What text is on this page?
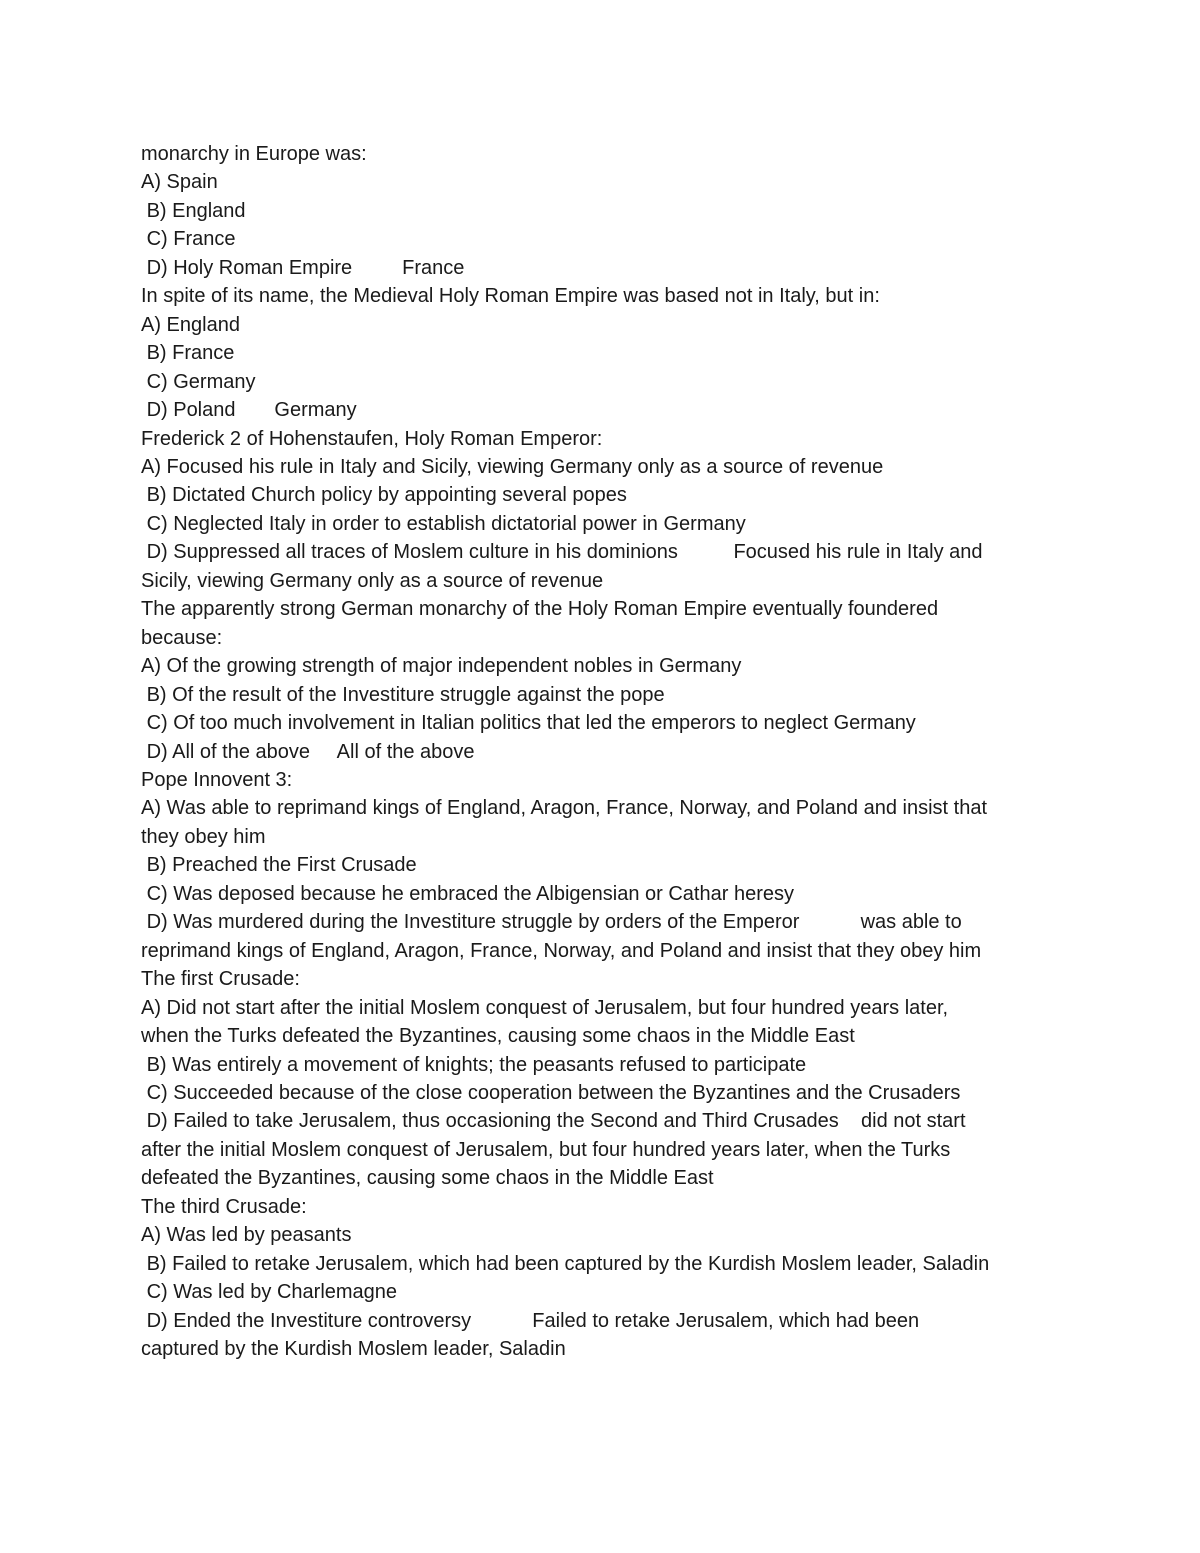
monarchy in Europe was:
A) Spain
B) England
C) France
D) Holy Roman Empire         France
In spite of its name, the Medieval Holy Roman Empire was based not in Italy, but in:
A) England
B) France
C) Germany
D) Poland       Germany
Frederick 2 of Hohenstaufen, Holy Roman Emperor:
A) Focused his rule in Italy and Sicily, viewing Germany only as a source of revenue
B) Dictated Church policy by appointing several popes
C) Neglected Italy in order to establish dictatorial power in Germany
D) Suppressed all traces of Moslem culture in his dominions          Focused his rule in Italy and
Sicily, viewing Germany only as a source of revenue
The apparently strong German monarchy of the Holy Roman Empire eventually foundered
because:
A) Of the growing strength of major independent nobles in Germany
B) Of the result of the Investiture struggle against the pope
C) Of too much involvement in Italian politics that led the emperors to neglect Germany
D) All of the above     All of the above
Pope Innovent 3:
A) Was able to reprimand kings of England, Aragon, France, Norway, and Poland and insist that
they obey him
B) Preached the First Crusade
C) Was deposed because he embraced the Albigensian or Cathar heresy
D) Was murdered during the Investiture struggle by orders of the Emperor           was able to
reprimand kings of England, Aragon, France, Norway, and Poland and insist that they obey him
The first Crusade:
A) Did not start after the initial Moslem conquest of Jerusalem, but four hundred years later,
when the Turks defeated the Byzantines, causing some chaos in the Middle East
B) Was entirely a movement of knights; the peasants refused to participate
C) Succeeded because of the close cooperation between the Byzantines and the Crusaders
D) Failed to take Jerusalem, thus occasioning the Second and Third Crusades    did not start
after the initial Moslem conquest of Jerusalem, but four hundred years later, when the Turks
defeated the Byzantines, causing some chaos in the Middle East
The third Crusade:
A) Was led by peasants
B) Failed to retake Jerusalem, which had been captured by the Kurdish Moslem leader, Saladin
C) Was led by Charlemagne
D) Ended the Investiture controversy           Failed to retake Jerusalem, which had been
captured by the Kurdish Moslem leader, Saladin
